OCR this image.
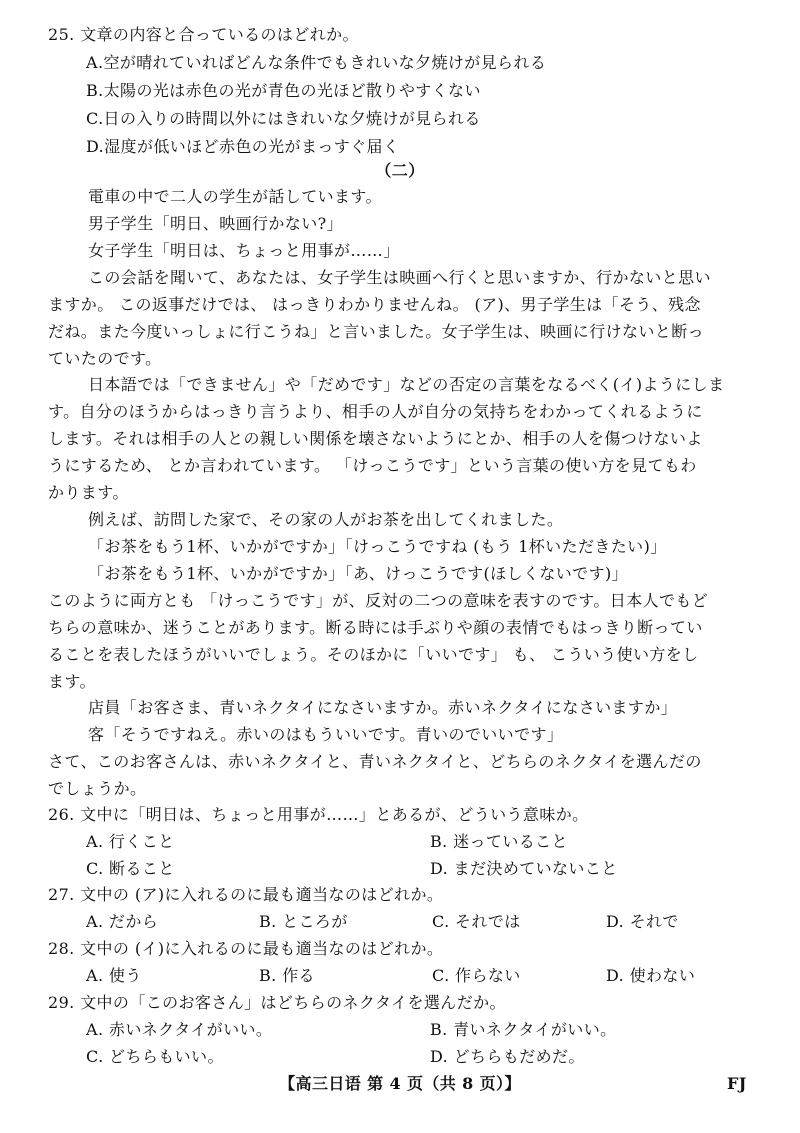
25. 文章の内容と合っているのはどれか。
A.空が晴れていればどんな条件でもきれいな夕焼けが見られる
B.太陽の光は赤色の光が青色の光ほど散りやすくない
C.日の入りの時間以外にはきれいな夕焼けが見られる
D.湿度が低いほど赤色の光がまっすぐ届く
（二）
電車の中で二人の学生が話しています。
男子学生「明日、映画行かない?」
女子学生「明日は、ちょっと用事が……」
この会話を聞いて、あなたは、女子学生は映画へ行くと思いますか、行かないと思い
ますか。 この返事だけでは、 はっきりわかりませんね。 (ア)、男子学生は「そう、残念
だね。また今度いっしょに行こうね」と言いました。女子学生は、映画に行けないと断っ
ていたのです。
日本語では「できません」や「だめです」などの否定の言葉をなるべく(イ)ようにしま
す。自分のほうからはっきり言うより、相手の人が自分の気持ちをわかってくれるように
します。それは相手の人との親しい関係を壊さないようにとか、相手の人を傷つけないよ
うにするため、 とか言われています。 「けっこうです」という言葉の使い方を見てもわ
かります。
例えば、訪問した家で、その家の人がお茶を出してくれました。
「お茶をもう1杯、いかがですか」「けっこうですね (もう 1杯いただきたい)」
「お茶をもう1杯、いかがですか」「あ、けっこうです(ほしくないです)」
このように両方とも 「けっこうです」が、反対の二つの意味を表すのです。日本人でもど
ちらの意味か、迷うことがあります。断る時には手ぶりや顔の表情でもはっきり断ってい
ることを表したほうがいいでしょう。そのほかに「いいです」 も、 こういう使い方をし
ます。
店員「お客さま、青いネクタイになさいますか。赤いネクタイになさいますか」
客「そうですねえ。赤いのはもういいです。青いのでいいです」
さて、このお客さんは、赤いネクタイと、青いネクタイと、どちらのネクタイを選んだの
でしょうか。
26. 文中に「明日は、ちょっと用事が……」とあるが、どういう意味か。
A. 行くこと	B. 迷っていること
C. 断ること	D. まだ決めていないこと
27. 文中の (ア)に入れるのに最も適当なのはどれか。
A. だから	B. ところが	C. それでは	D. それで
28. 文中の (イ)に入れるのに最も適当なのはどれか。
A. 使う	B. 作る	C. 作らない	D. 使わない
29. 文中の「このお客さん」はどちらのネクタイを選んだか。
A. 赤いネクタイがいい。	B. 青いネクタイがいい。
C. どちらもいい。	D. どちらもだめだ。
【高三日语 第 4 页（共 8 页）】	FJ
